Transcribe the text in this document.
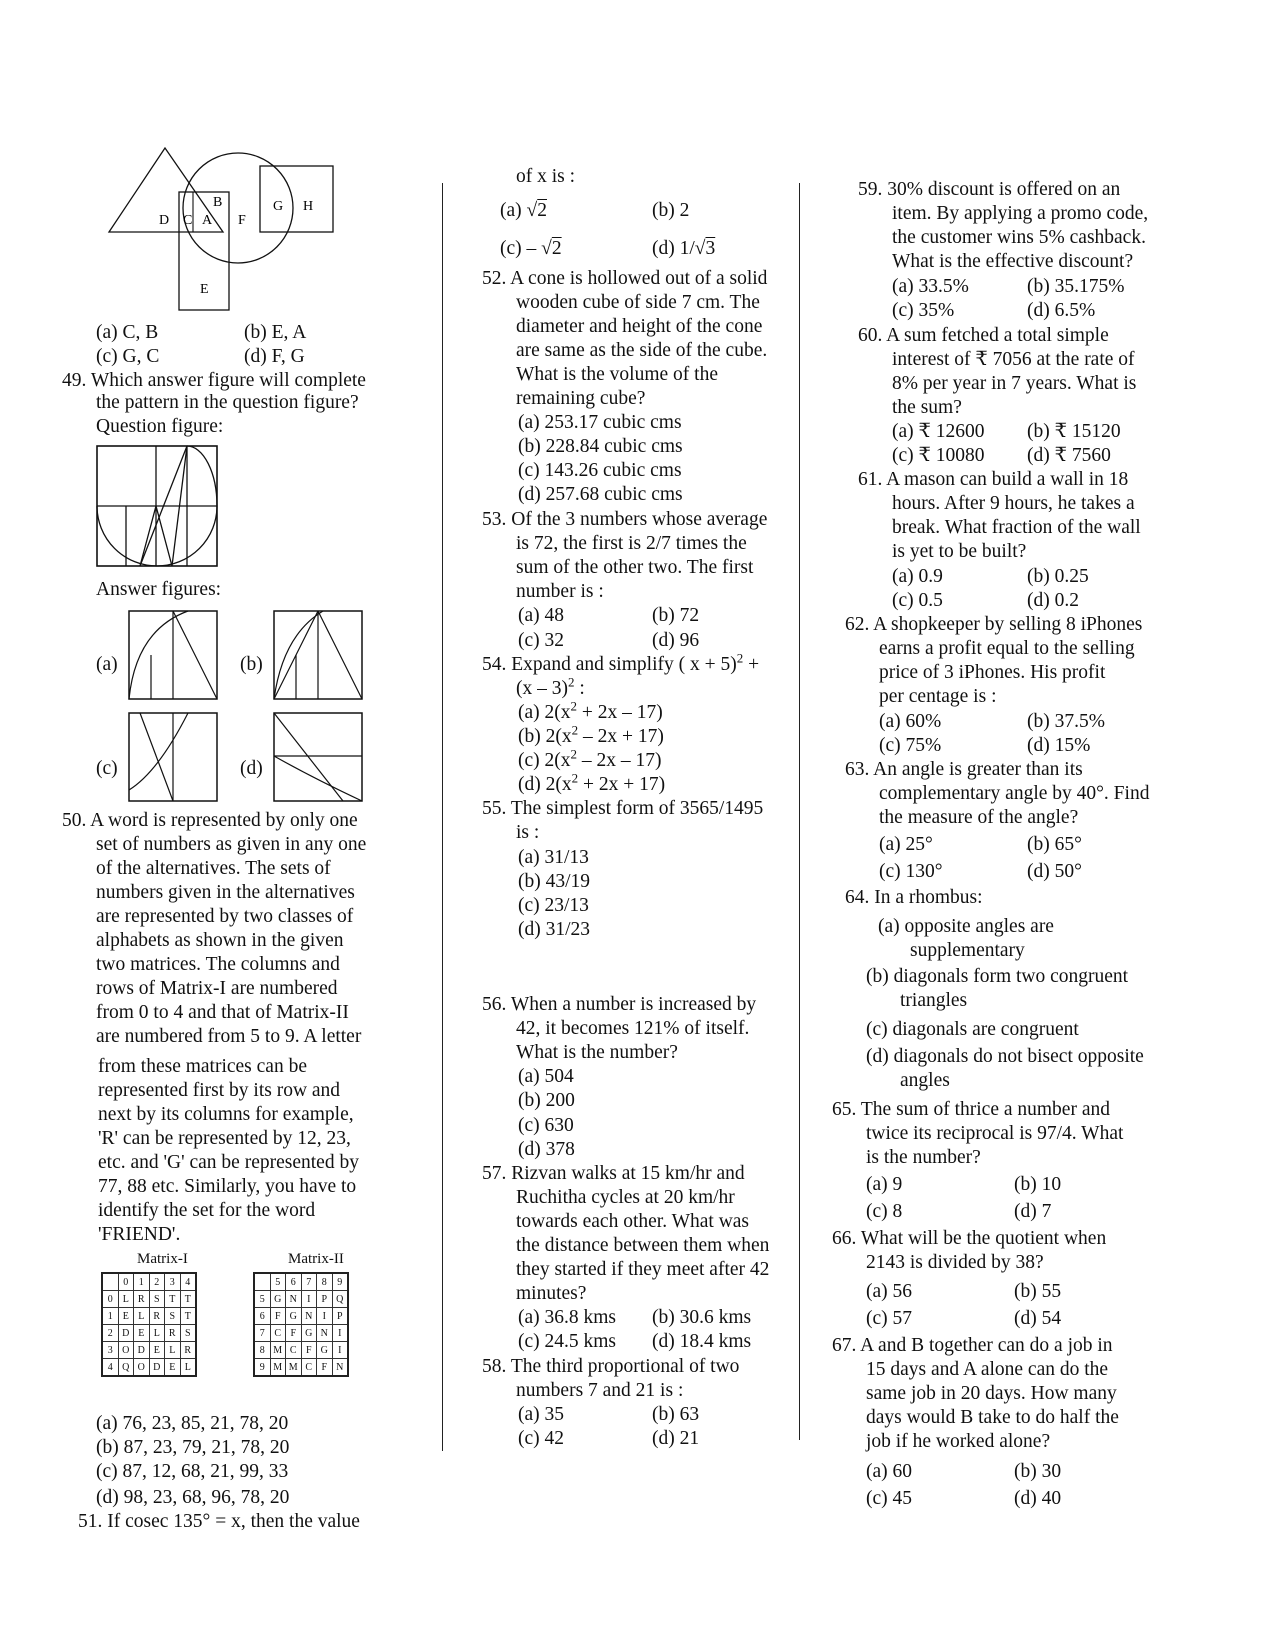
D C A
B
F
G H
E
(a) C, B	(b) E, A
(c) G, C	(d) F, G
49. Which answer figure will complete
the pattern in the question figure?
Question figure:
Answer figures:
(a)	(b)
(c)	(d)
50. A word is represented by only one
set of numbers as given in any one
of the alternatives. The sets of
numbers given in the alternatives
are represented by two classes of
alphabets as shown in the given
two matrices. The columns and
rows of Matrix-I are numbered
from 0 to 4 and that of Matrix-II
are numbered from 5 to 9. A letter
from these matrices can be
represented first by its row and
next by its columns for example,
'R' can be represented by 12, 23,
etc. and 'G' can be represented by
77, 88 etc. Similarly, you have to
identify the set for the word
'FRIEND'.
Matrix-I	Matrix-II
	0	1	2	3	4
0	L	R	S	T	T
1	E	L	R	S	T
2	D	E	L	R	S
3	O	D	E	L	R
4	Q	O	D	E	L
	5	6	7	8	9
5	G	N	I	P	Q
6	F	G	N	I	P
7	C	F	G	N	I
8	M	C	F	G	I
9	M	M	C	F	N
(a) 76, 23, 85, 21, 78, 20
(b) 87, 23, 79, 21, 78, 20
(c) 87, 12, 68, 21, 99, 33
(d) 98, 23, 68, 96, 78, 20
51. If cosec 135° = x, then the value
of x is :
(a) √2	(b) 2
(c) – √2	(d) 1/√3
52. A cone is hollowed out of a solid
wooden cube of side 7 cm. The
diameter and height of the cone
are same as the side of the cube.
What is the volume of the
remaining cube?
(a) 253.17 cubic cms
(b) 228.84 cubic cms
(c) 143.26 cubic cms
(d) 257.68 cubic cms
53. Of the 3 numbers whose average
is 72, the first is 2/7 times the
sum of the other two. The first
number is :
(a) 48	(b) 72
(c) 32	(d) 96
54. Expand and simplify ( x + 5)$^2$ +
(x – 3)$^2$ :
(a) $2(x^2 + 2x - 17)$
(b) $2(x^2 - 2x + 17)$
(c) $2(x^2 - 2x - 17)$
(d) $2(x^2 + 2x + 17)$
55. The simplest form of 3565/1495
is :
(a) 31/13
(b) 43/19
(c) 23/13
(d) 31/23
56. When a number is increased by
42, it becomes 121% of itself.
What is the number?
(a) 504
(b) 200
(c) 630
(d) 378
57. Rizvan walks at 15 km/hr and
Ruchitha cycles at 20 km/hr
towards each other. What was
the distance between them when
they started if they meet after 42
minutes?
(a) 36.8 kms (b) 30.6 kms
(c) 24.5 kms (d) 18.4 kms
58. The third proportional of two
numbers 7 and 21 is :
(a) 35	(b) 63
(c) 42	(d) 21
59. 30% discount is offered on an
item. By applying a promo code,
the customer wins 5% cashback.
What is the effective discount?
(a) 33.5%	(b) 35.175%
(c) 35%	(d) 6.5%
60. A sum fetched a total simple
interest of ₹ 7056 at the rate of
8% per year in 7 years. What is
the sum?
(a) ₹ 12600 (b) ₹ 15120
(c) ₹ 10080 (d) ₹ 7560
61. A mason can build a wall in 18
hours. After 9 hours, he takes a
break. What fraction of the wall
is yet to be built?
(a) 0.9	(b) 0.25
(c) 0.5	(d) 0.2
62. A shopkeeper by selling 8 iPhones
earns a profit equal to the selling
price of 3 iPhones. His profit
per centage is :
(a) 60%	(b) 37.5%
(c) 75%	(d) 15%
63. An angle is greater than its
complementary angle by 40°. Find
the measure of the angle?
(a) 25°	(b) 65°
(c) 130°	(d) 50°
64. In a rhombus:
(a) opposite angles are
supplementary
(b) diagonals form two congruent
triangles
(c) diagonals are congruent
(d) diagonals do not bisect opposite
angles
65. The sum of thrice a number and
twice its reciprocal is 97/4. What
is the number?
(a) 9	(b) 10
(c) 8	(d) 7
66. What will be the quotient when
2143 is divided by 38?
(a) 56	(b) 55
(c) 57	(d) 54
67. A and B together can do a job in
15 days and A alone can do the
same job in 20 days. How many
days would B take to do half the
job if he worked alone?
(a) 60	(b) 30
(c) 45	(d) 40
